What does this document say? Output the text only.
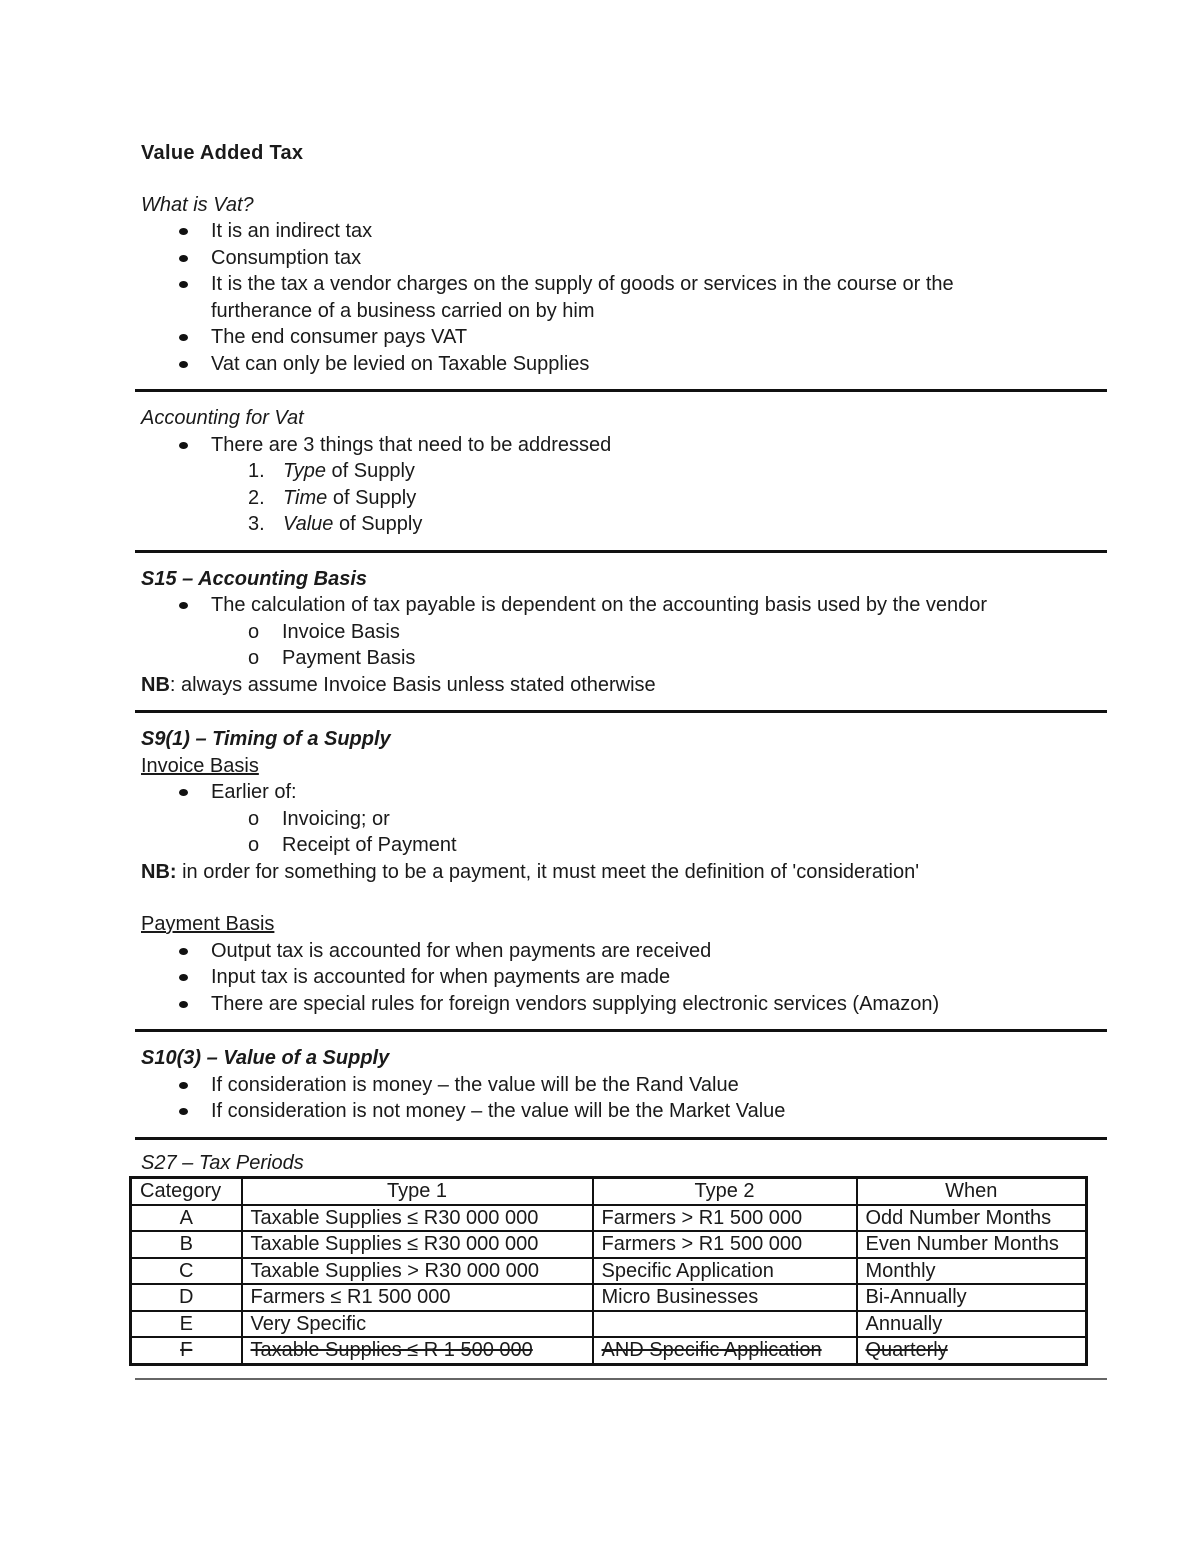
Value Added Tax
What is Vat?
It is an indirect tax
Consumption tax
It is the tax a vendor charges on the supply of goods or services in the course or the
furtherance of a business carried on by him
The end consumer pays VAT
Vat can only be levied on Taxable Supplies
Accounting for Vat
There are 3 things that need to be addressed
1. Type of Supply
2. Time of Supply
3. Value of Supply
S15 – Accounting Basis
The calculation of tax payable is dependent on the accounting basis used by the vendor
o Invoice Basis
o Payment Basis
NB: always assume Invoice Basis unless stated otherwise
S9(1) – Timing of a Supply
Invoice Basis
Earlier of:
o Invoicing; or
o Receipt of Payment
NB: in order for something to be a payment, it must meet the definition of 'consideration'
Payment Basis
Output tax is accounted for when payments are received
Input tax is accounted for when payments are made
There are special rules for foreign vendors supplying electronic services (Amazon)
S10(3) – Value of a Supply
If consideration is money – the value will be the Rand Value
If consideration is not money – the value will be the Market Value
S27 – Tax Periods
Category	Type 1	Type 2	When
A	Taxable Supplies ≤ R30 000 000	Farmers > R1 500 000	Odd Number Months
B	Taxable Supplies ≤ R30 000 000	Farmers > R1 500 000	Even Number Months
C	Taxable Supplies > R30 000 000	Specific Application	Monthly
D	Farmers ≤ R1 500 000	Micro Businesses	Bi-Annually
E	Very Specific		Annually
F	Taxable Supplies ≤ R 1 500 000	AND Specific Application	Quarterly
